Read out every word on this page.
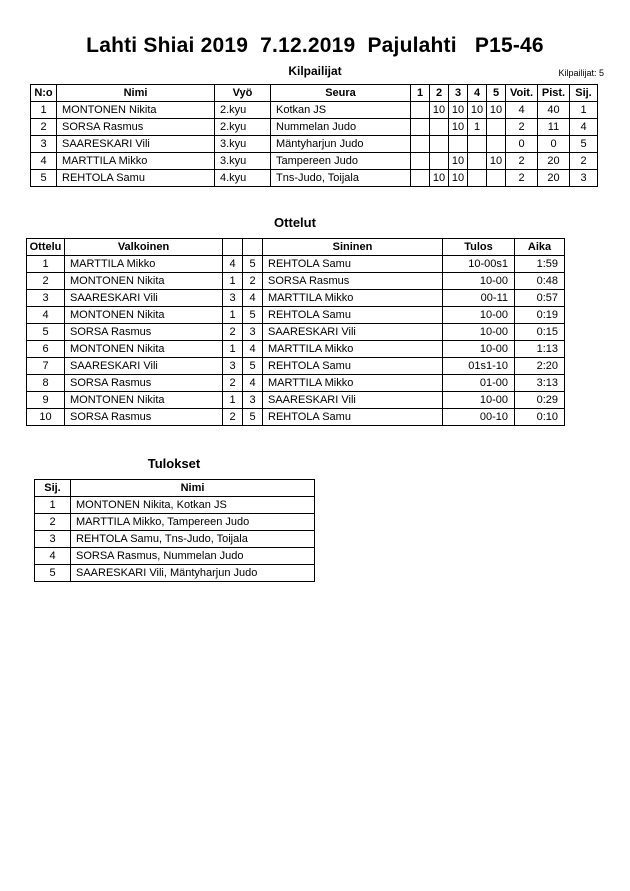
Lahti Shiai 2019  7.12.2019  Pajulahti   P15-46
Kilpailijat	Kilpailijat: 5
N:o	Nimi	Vyö	Seura	1	2	3	4	5	Voit.	Pist.	Sij.
1	MONTONEN Nikita	2.kyu	Kotkan JS		10	10	10	10	4	40	1
2	SORSA Rasmus	2.kyu	Nummelan Judo			10	1		2	11	4
3	SAARESKARI Vili	3.kyu	Mäntyharjun Judo						0	0	5
4	MARTTILA Mikko	3.kyu	Tampereen Judo			10		10	2	20	2
5	REHTOLA Samu	4.kyu	Tns-Judo, Toijala		10	10			2	20	3
Ottelut
Ottelu	Valkoinen			Sininen	Tulos	Aika
1	MARTTILA Mikko	4	5	REHTOLA Samu	10-00s1	1:59
2	MONTONEN Nikita	1	2	SORSA Rasmus	10-00	0:48
3	SAARESKARI Vili	3	4	MARTTILA Mikko	00-11	0:57
4	MONTONEN Nikita	1	5	REHTOLA Samu	10-00	0:19
5	SORSA Rasmus	2	3	SAARESKARI Vili	10-00	0:15
6	MONTONEN Nikita	1	4	MARTTILA Mikko	10-00	1:13
7	SAARESKARI Vili	3	5	REHTOLA Samu	01s1-10	2:20
8	SORSA Rasmus	2	4	MARTTILA Mikko	01-00	3:13
9	MONTONEN Nikita	1	3	SAARESKARI Vili	10-00	0:29
10	SORSA Rasmus	2	5	REHTOLA Samu	00-10	0:10
Tulokset
Sij.	Nimi
1	MONTONEN Nikita, Kotkan JS
2	MARTTILA Mikko, Tampereen Judo
3	REHTOLA Samu, Tns-Judo, Toijala
4	SORSA Rasmus, Nummelan Judo
5	SAARESKARI Vili, Mäntyharjun Judo
